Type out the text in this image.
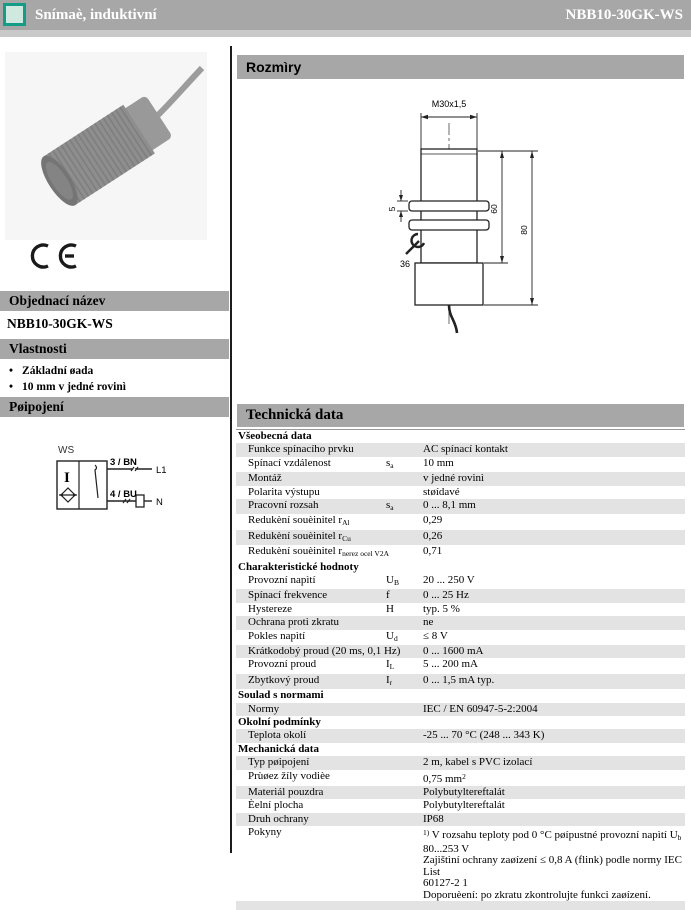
Snímaè, induktivní	NBB10-30GK-WS
Objednací název
NBB10-30GK-WS
Vlastnosti
• Základní øada
• 10 mm v jedné rovinì
Pøipojení
WS
I
3 / BN
L1
4 / BU
N
Rozmìry
M30x1,5
5
36
60
80
Technická data
Všeobecná data
Funkce spínacího prvku	AC spínací kontakt
Spínací vzdálenost	$s_a$	10 mm
Montáž	v jedné rovinì
Polarita výstupu	støídavé
Pracovní rozsah	$s_a$	0 ... 8,1 mm
Redukèní souèinitel $r_{Al}$	0,29
Redukèní souèinitel $r_{Cu}$	0,26
Redukèní souèinitel $r_{nerez ocel V2A}$	0,71
Charakteristické hodnoty
Provozní napìtí	$U_B$	20 ... 250 V
Spínací frekvence	f	0 ... 25 Hz
Hystereze	H	typ. 5 %
Ochrana proti zkratu	ne
Pokles napìtí	$U_d$	≤ 8 V
Krátkodobý proud (20 ms, 0,1 Hz) 0 ... 1600 mA
Provozní proud	$I_L$	5 ... 200 mA
Zbytkový proud	$I_r$	0 ... 1,5 mA typ.
Soulad s normami
Normy	IEC / EN 60947-5-2:2004
Okolní podmínky
Teplota okolí	-25 ... 70 °C (248 ... 343 K)
Mechanická data
Typ pøipojení	2 m, kabel s PVC izolací
Prùøez žíly vodièe	0,75 $mm^2$
Materiál pouzdra	Polybutyltereftalát
Èelní plocha	Polybutyltereftalát
Druh ochrany	IP68
Pokyny	$^{1)}$ V rozsahu teploty pod 0 °C pøípustné provozní napìtí $U_b$ 80...253 V
Zajištìní ochrany zaøízení ≤ 0,8 A (flink) podle normy IEC List
60127-2 1
Doporuèení: po zkratu zkontrolujte funkci zaøízení.
